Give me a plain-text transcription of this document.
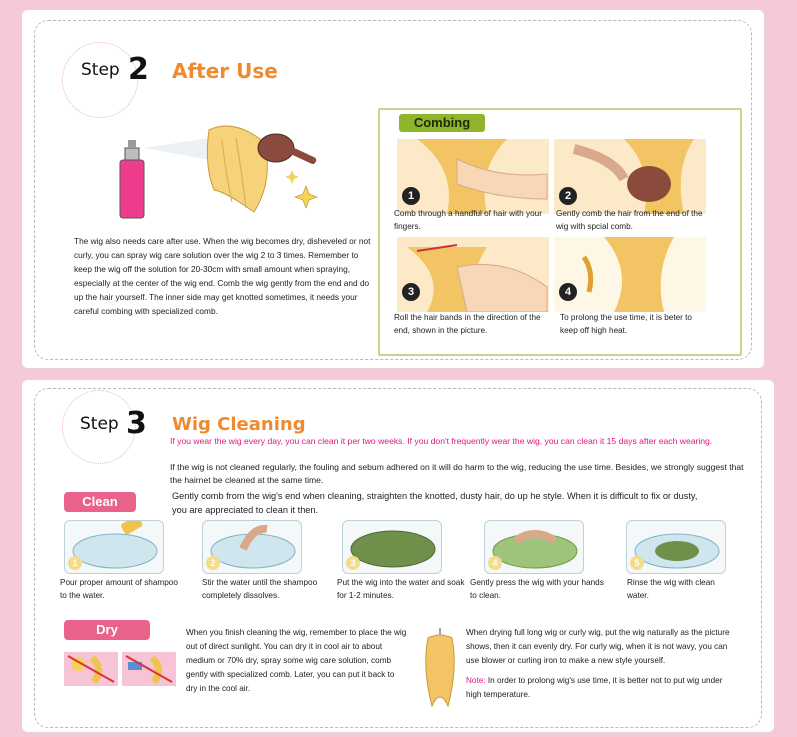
Step 2 After Use
The wig also needs care after use. When the wig becomes dry, disheveled or not curly, you can spray wig care solution over the wig 2 to 3 times. Remember to keep the wig off the solution for 20-30cm with small amount when spraying, especially at the center of the wig end. Comb the wig gently from the end and do up the hair yourself. The inner side may get knotted sometimes, it needs your careful combing with specialized comb.
Combing
1
Comb through a handful of hair with your fingers.
2
Gently comb the hair from the end of the wig with spcial comb.
3
Roll the hair bands in the direction of the end, shown in the picture.
4
To prolong the use time, it is beter to keep off high heat.
Step 3 Wig Cleaning
If you wear the wig every day, you can clean it per two weeks. If you don't frequently wear the wig, you can clean it 15 days after each wearing.
If the wig is not cleaned regularly, the fouling and sebum adhered on it will do harm to the wig, reducing the use time. Besides, we strongly suggest that the hairnet be cleaned at the same time.
Clean	Gently comb from the wig's end when cleaning, straighten the knotted, dusty hair, do up he style. When it is difficult to fix or dusty, you are appreciated to clean it then.
1
Pour proper amount of shampoo to the water.
2
Stir the water until the shampoo completely dissolves.
3
Put the wig into the water and soak for 1-2 minutes.
4
Gently press the wig with your hands to clean.
5
Rinse the wig with clean water.
Dry	When you finish cleaning the wig, remember to place the wig out of direct sunlight. You can dry it in cool air to about medium or 70% dry, spray some wig care solution, comb gently with specialized comb. Later, you can put it back to dry in the cool air.
When drying full long wig or curly wig, put the wig naturally as the picture shows, then it can evenly dry. For curly wig, when it is not wavy, you can use blower or curling iron to make a new style yourself.
Note: In order to prolong wig's use time, it is better not to put wig under high temperature.
